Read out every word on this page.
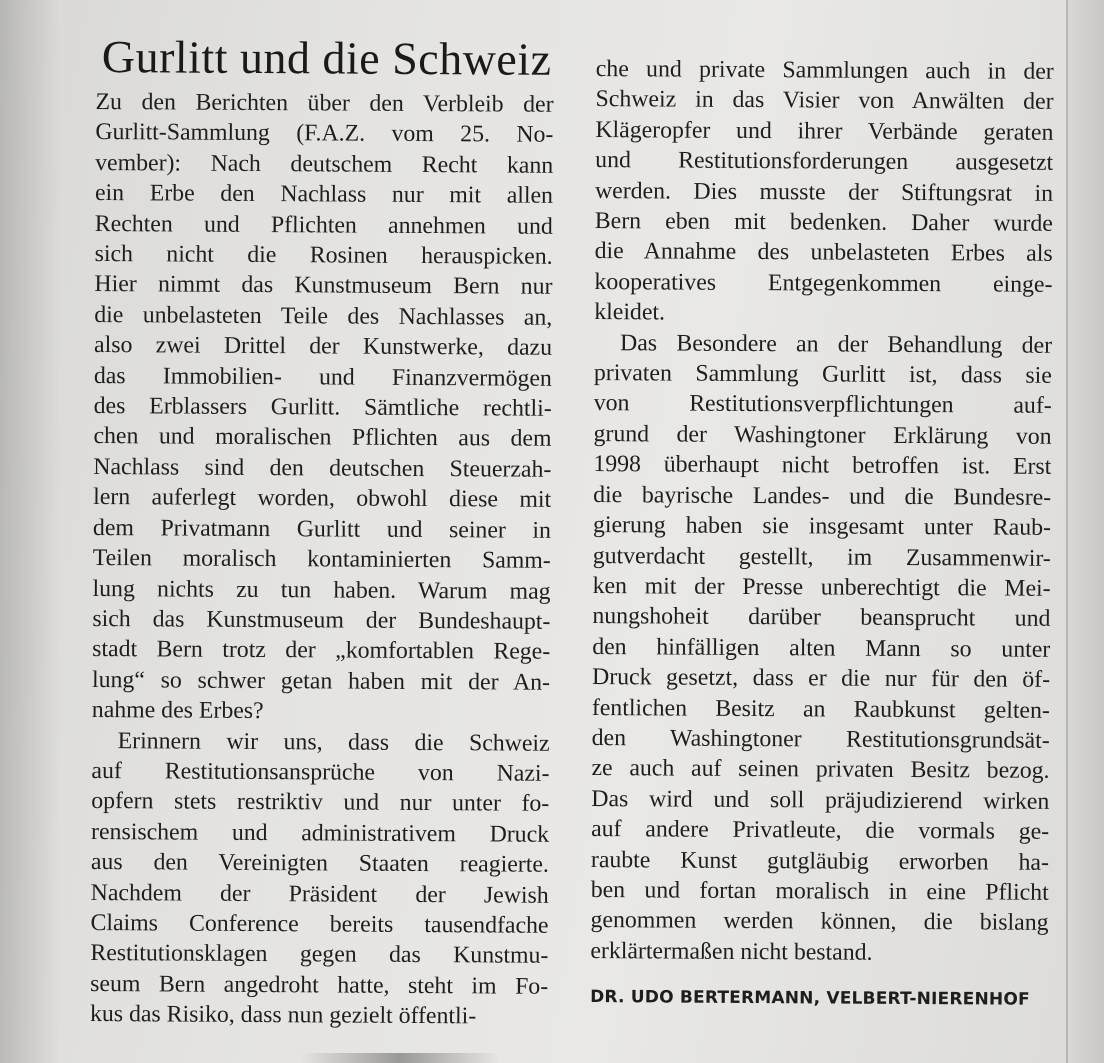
Gurlitt und die Schweiz
Zu den Berichten über den Verbleib der
Gurlitt-Sammlung (F.A.Z. vom 25. No-
vember): Nach deutschem Recht kann
ein Erbe den Nachlass nur mit allen
Rechten und Pflichten annehmen und
sich nicht die Rosinen herauspicken.
Hier nimmt das Kunstmuseum Bern nur
die unbelasteten Teile des Nachlasses an,
also zwei Drittel der Kunstwerke, dazu
das Immobilien- und Finanzvermögen
des Erblassers Gurlitt. Sämtliche rechtli-
chen und moralischen Pflichten aus dem
Nachlass sind den deutschen Steuerzah-
lern auferlegt worden, obwohl diese mit
dem Privatmann Gurlitt und seiner in
Teilen moralisch kontaminierten Samm-
lung nichts zu tun haben. Warum mag
sich das Kunstmuseum der Bundeshaupt-
stadt Bern trotz der „komfortablen Rege-
lung“ so schwer getan haben mit der An-
nahme des Erbes?
Erinnern wir uns, dass die Schweiz
auf Restitutionsansprüche von Nazi-
opfern stets restriktiv und nur unter fo-
rensischem und administrativem Druck
aus den Vereinigten Staaten reagierte.
Nachdem der Präsident der Jewish
Claims Conference bereits tausendfache
Restitutionsklagen gegen das Kunstmu-
seum Bern angedroht hatte, steht im Fo-
kus das Risiko, dass nun gezielt öffentli-
che und private Sammlungen auch in der
Schweiz in das Visier von Anwälten der
Klägeropfer und ihrer Verbände geraten
und Restitutionsforderungen ausgesetzt
werden. Dies musste der Stiftungsrat in
Bern eben mit bedenken. Daher wurde
die Annahme des unbelasteten Erbes als
kooperatives Entgegenkommen einge-
kleidet.
Das Besondere an der Behandlung der
privaten Sammlung Gurlitt ist, dass sie
von Restitutionsverpflichtungen auf-
grund der Washingtoner Erklärung von
1998 überhaupt nicht betroffen ist. Erst
die bayrische Landes- und die Bundesre-
gierung haben sie insgesamt unter Raub-
gutverdacht gestellt, im Zusammenwir-
ken mit der Presse unberechtigt die Mei-
nungshoheit darüber beansprucht und
den hinfälligen alten Mann so unter
Druck gesetzt, dass er die nur für den öf-
fentlichen Besitz an Raubkunst gelten-
den Washingtoner Restitutionsgrundsät-
ze auch auf seinen privaten Besitz bezog.
Das wird und soll präjudizierend wirken
auf andere Privatleute, die vormals ge-
raubte Kunst gutgläubig erworben ha-
ben und fortan moralisch in eine Pflicht
genommen werden können, die bislang
erklärtermaßen nicht bestand.
DR. UDO BERTERMANN, VELBERT-NIERENHOF
